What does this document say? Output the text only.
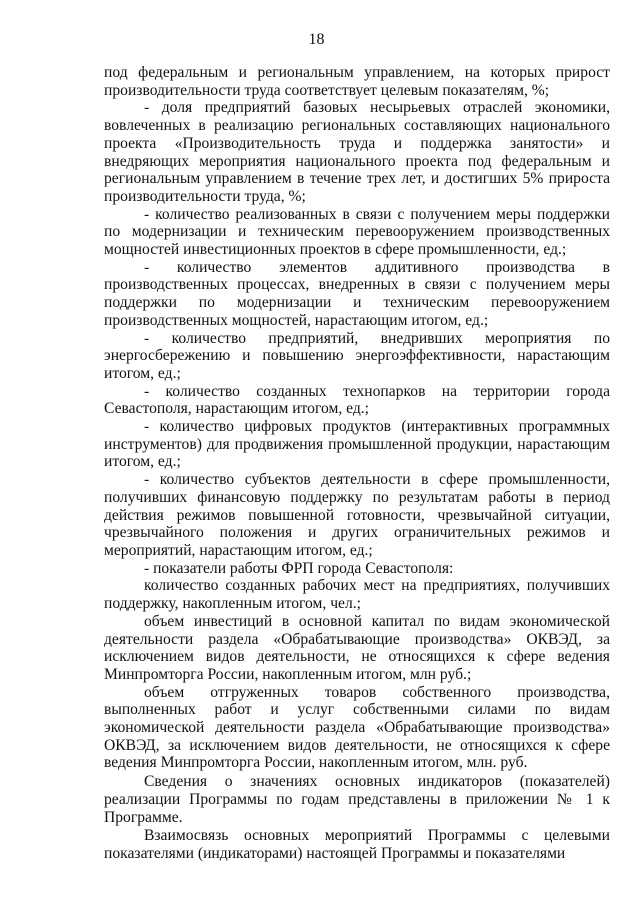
18

под федеральным и региональным управлением, на которых прирост производительности труда соответствует целевым показателям, %;

- доля предприятий базовых несырьевых отраслей экономики, вовлеченных в реализацию региональных составляющих национального проекта «Производительность труда и поддержка занятости» и внедряющих мероприятия национального проекта под федеральным и региональным управлением в течение трех лет, и достигших 5% прироста производительности труда, %;

- количество реализованных в связи с получением меры поддержки по модернизации и техническим перевооружением производственных мощностей инвестиционных проектов в сфере промышленности, ед.;

- количество элементов аддитивного производства в производственных процессах, внедренных в связи с получением меры поддержки по модернизации и техническим перевооружением производственных мощностей, нарастающим итогом, ед.;

- количество предприятий, внедривших мероприятия по энергосбережению и повышению энергоэффективности, нарастающим итогом, ед.;

- количество созданных технопарков на территории города Севастополя, нарастающим итогом, ед.;

- количество цифровых продуктов (интерактивных программных инструментов) для продвижения промышленной продукции, нарастающим итогом, ед.;

- количество субъектов деятельности в сфере промышленности, получивших финансовую поддержку по результатам работы в период действия режимов повышенной готовности, чрезвычайной ситуации, чрезвычайного положения и других ограничительных режимов и мероприятий, нарастающим итогом, ед.;

- показатели работы ФРП города Севастополя:

количество созданных рабочих мест на предприятиях, получивших поддержку, накопленным итогом, чел.;

объем инвестиций в основной капитал по видам экономической деятельности раздела «Обрабатывающие производства» ОКВЭД, за исключением видов деятельности, не относящихся к сфере ведения Минпромторга России, накопленным итогом, млн руб.;

объем отгруженных товаров собственного производства, выполненных работ и услуг собственными силами по видам экономической деятельности раздела «Обрабатывающие производства» ОКВЭД, за исключением видов деятельности, не относящихся к сфере ведения Минпромторга России, накопленным итогом, млн. руб.

Сведения о значениях основных индикаторов (показателей) реализации Программы по годам представлены в приложении № 1 к Программе.

Взаимосвязь основных мероприятий Программы с целевыми показателями (индикаторами) настоящей Программы и показателями
